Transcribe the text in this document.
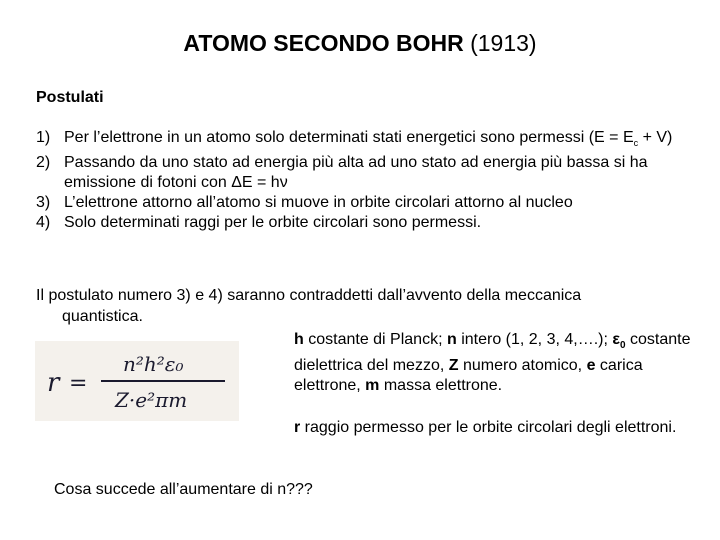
ATOMO SECONDO BOHR (1913)
Postulati
1) Per l’elettrone in un atomo solo determinati stati energetici sono permessi $(E = E_c + V)$
2) Passando da uno stato ad energia più alta ad uno stato ad energia più bassa si ha emissione di fotoni con ΔE = hν
3) L’elettrone attorno all’atomo si muove in orbite circolari attorno al nucleo
4) Solo determinati raggi per le orbite circolari sono permessi.
Il postulato numero 3) e 4) saranno contraddetti dall’avvento della meccanica
quantistica.
r =
n²h²ε₀
Z·e²πm
h costante di Planck; n intero (1, 2, 3, 4,….); $\varepsilon_0$ costante dielettrica del mezzo, Z numero atomico, e carica elettrone, m massa elettrone.
r raggio permesso per le orbite circolari degli elettroni.
Cosa succede all’aumentare di n???
